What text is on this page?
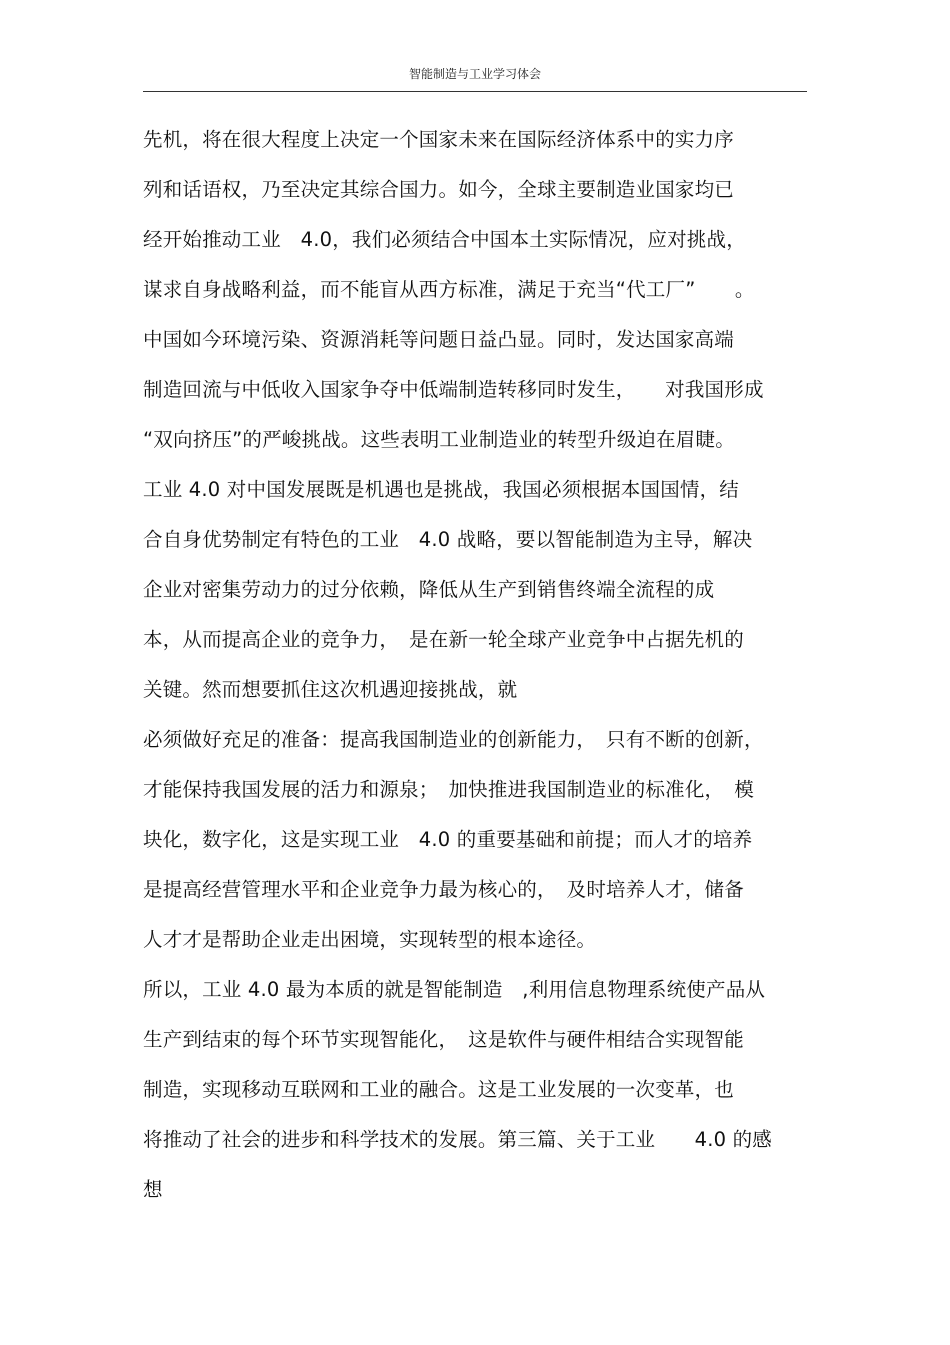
智能制造与工业学习体会
先机，将在很大程度上决定一个国家未来在国际经济体系中的实力序
列和话语权，乃至决定其综合国力。如今，全球主要制造业国家均已
经开始推动工业　4.0，我们必须结合中国本土实际情况，应对挑战，
谋求自身战略利益，而不能盲从西方标准，满足于充当“代工厂”　　。
中国如今环境污染、资源消耗等问题日益凸显。同时，发达国家高端
制造回流与中低收入国家争夺中低端制造转移同时发生，　　对我国形成
“双向挤压”的严峻挑战。这些表明工业制造业的转型升级迫在眉睫。
工业 4.0 对中国发展既是机遇也是挑战，我国必须根据本国国情，结
合自身优势制定有特色的工业　4.0 战略，要以智能制造为主导，解决
企业对密集劳动力的过分依赖，降低从生产到销售终端全流程的成
本，从而提高企业的竞争力，　是在新一轮全球产业竞争中占据先机的
关键。然而想要抓住这次机遇迎接挑战，就
必须做好充足的准备：提高我国制造业的创新能力，　只有不断的创新，
才能保持我国发展的活力和源泉；　加快推进我国制造业的标准化，　模
块化，数字化，这是实现工业　4.0 的重要基础和前提；而人才的培养
是提高经营管理水平和企业竞争力最为核心的，　及时培养人才，储备
人才才是帮助企业走出困境，实现转型的根本途径。
所以，工业 4.0 最为本质的就是智能制造　,利用信息物理系统使产品从
生产到结束的每个环节实现智能化，　这是软件与硬件相结合实现智能
制造，实现移动互联网和工业的融合。这是工业发展的一次变革，也
将推动了社会的进步和科学技术的发展。第三篇、关于工业　　4.0 的感
想
